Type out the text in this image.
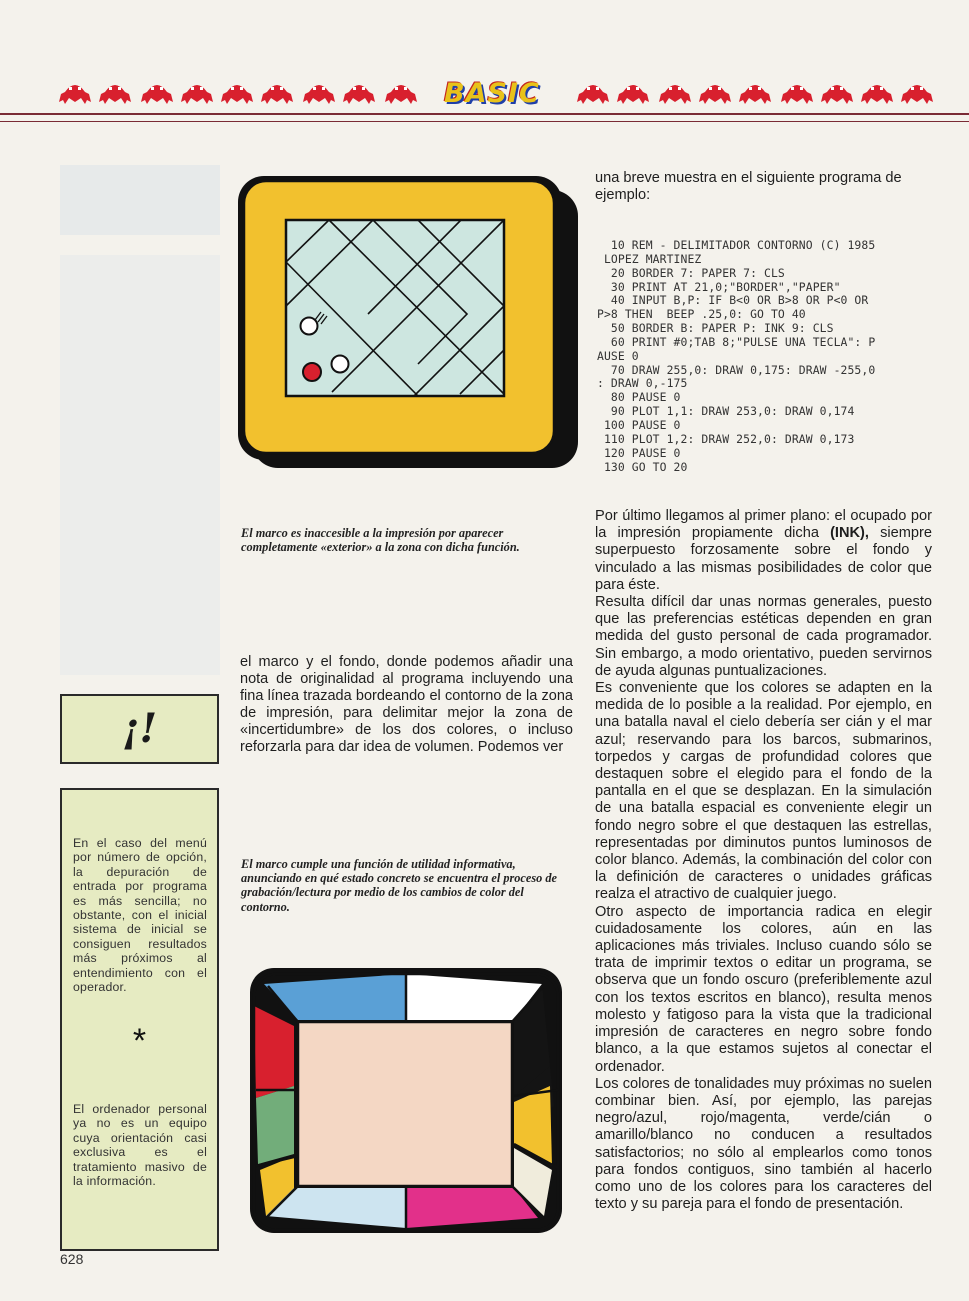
BASIC
¡!

En el caso del menú por número de opción, la depuración de entrada por programa es más sencilla; no obstante, con el inicial sistema de inicial se consiguen resultados más próximos al entendimiento con el operador.

*

El ordenador personal ya no es un equipo cuya orientación casi exclusiva es el tratamiento masivo de la información.

El marco es inaccesible a la impresión por aparecer completamente «exterior» a la zona con dicha función.

El marco cumple una función de utilidad informativa, anunciando en qué estado concreto se encuentra el proceso de grabación/lectura por medio de los cambios de color del contorno.

el marco y el fondo, donde podemos añadir una nota de originalidad al programa incluyendo una fina línea trazada bordeando el contorno de la zona de impresión, para delimitar mejor la zona de «incertidumbre» de los dos colores, o incluso reforzarla para dar idea de volumen. Podemos ver

una breve muestra en el siguiente programa de ejemplo:

10 REM - DELIMITADOR CONTORNO (C) 1985
LOPEZ MARTINEZ
20 BORDER 7: PAPER 7: CLS
30 PRINT AT 21,0;"BORDER","PAPER"
40 INPUT B,P: IF B<0 OR B>8 OR P<0 OR
P>8 THEN  BEEP .25,0: GO TO 40
50 BORDER B: PAPER P: INK 9: CLS
60 PRINT #0;TAB 8;"PULSE UNA TECLA": P
AUSE 0
70 DRAW 255,0: DRAW 0,175: DRAW -255,0
: DRAW 0,-175
80 PAUSE 0
90 PLOT 1,1: DRAW 253,0: DRAW 0,174
100 PAUSE 0
110 PLOT 1,2: DRAW 252,0: DRAW 0,173
120 PAUSE 0
130 GO TO 20

Por último llegamos al primer plano: el ocupado por la impresión propiamente dicha (INK), siempre superpuesto forzosamente sobre el fondo y vinculado a las mismas posibilidades de color que para éste.

Resulta difícil dar unas normas generales, puesto que las preferencias estéticas dependen en gran medida del gusto personal de cada programador. Sin embargo, a modo orientativo, pueden servirnos de ayuda algunas puntualizaciones.

Es conveniente que los colores se adapten en la medida de lo posible a la realidad. Por ejemplo, en una batalla naval el cielo debería ser cián y el mar azul; reservando para los barcos, submarinos, torpedos y cargas de profundidad colores que destaquen sobre el elegido para el fondo de la pantalla en el que se desplazan. En la simulación de una batalla espacial es conveniente elegir un fondo negro sobre el que destaquen las estrellas, representadas por diminutos puntos luminosos de color blanco. Además, la combinación del color con la definición de caracteres o unidades gráficas realza el atractivo de cualquier juego.

Otro aspecto de importancia radica en elegir cuidadosamente los colores, aún en las aplicaciones más triviales. Incluso cuando sólo se trata de imprimir textos o editar un programa, se observa que un fondo oscuro (preferiblemente azul con los textos escritos en blanco), resulta menos molesto y fatigoso para la vista que la tradicional impresión de caracteres en negro sobre fondo blanco, a la que estamos sujetos al conectar el ordenador.

Los colores de tonalidades muy próximas no suelen combinar bien. Así, por ejemplo, las parejas negro/azul, rojo/magenta, verde/cián o amarillo/blanco no conducen a resultados satisfactorios; no sólo al emplearlos como tonos para fondos contiguos, sino también al hacerlo como uno de los colores para los caracteres del texto y su pareja para el fondo de presentación.

628
